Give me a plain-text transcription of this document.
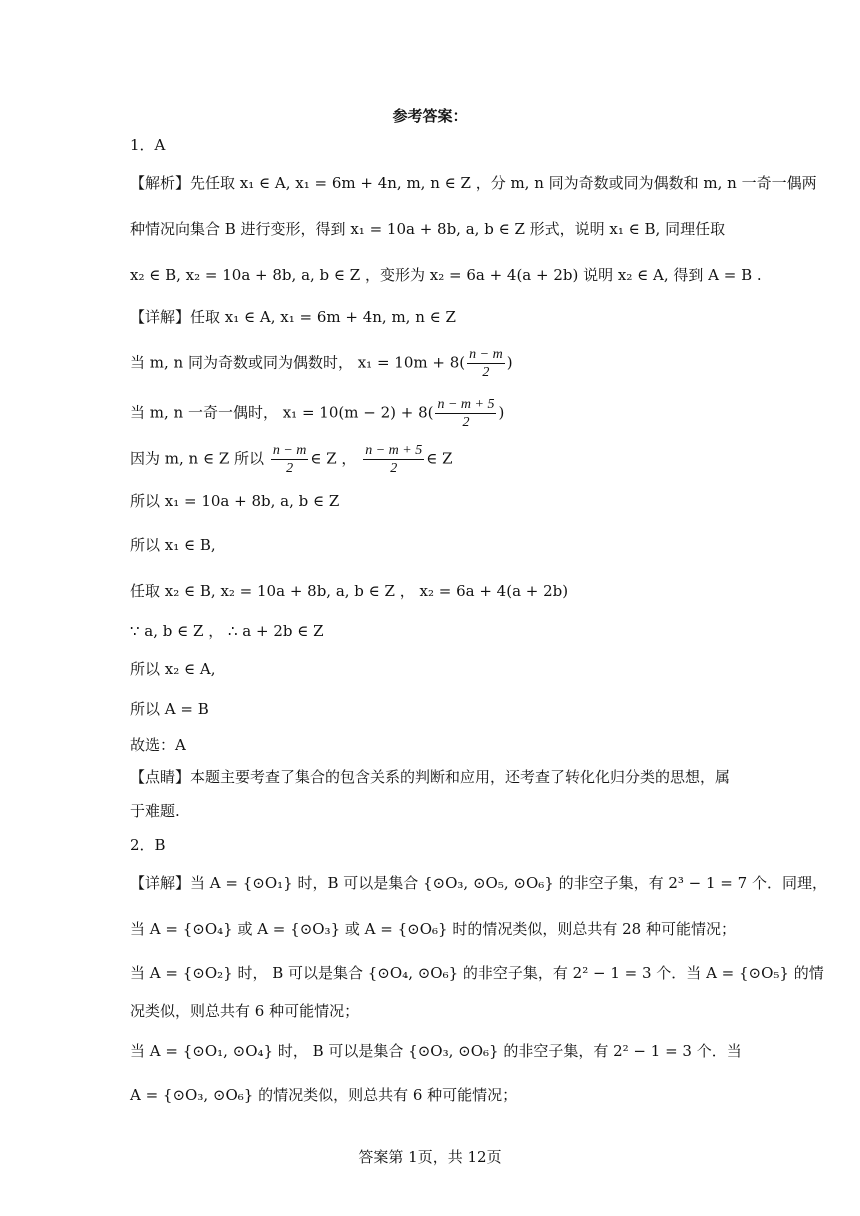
参考答案：
1．A
【解析】先任取 x₁ ∈ A, x₁ = 6m + 4n, m, n ∈ Z ，分 m, n 同为奇数或同为偶数和 m, n 一奇一偶两
种情况向集合 B 进行变形，得到 x₁ = 10a + 8b, a, b ∈ Z 形式，说明 x₁ ∈ B, 同理任取
x₂ ∈ B, x₂ = 10a + 8b, a, b ∈ Z ，变形为 x₂ = 6a + 4(a + 2b) 说明 x₂ ∈ A, 得到 A = B .
【详解】任取 x₁ ∈ A, x₁ = 6m + 4n, m, n ∈ Z
当 m, n 同为奇数或同为偶数时， $x_1 = 10m + 8( \frac{n - m}{2}$ )
当 m, n 一奇一偶时， $x_1 = 10(m - 2) + 8( \frac{n - m + 5}{2}$ )
因为 m, n ∈ Z 所以 $\frac{n - m}{2}$ ∈ Z ， $\frac{n - m + 5}{2}$ ∈ Z
所以 x₁ = 10a + 8b, a, b ∈ Z
所以 x₁ ∈ B,
任取 x₂ ∈ B, x₂ = 10a + 8b, a, b ∈ Z ， x₂ = 6a + 4(a + 2b)
∵ a, b ∈ Z ， ∴ a + 2b ∈ Z
所以 x₂ ∈ A,
所以 A = B
故选：A
【点睛】本题主要考查了集合的包含关系的判断和应用，还考查了转化化归分类的思想，属
于难题.
2．B
【详解】当 A = {⊙O₁} 时，B 可以是集合 {⊙O₃, ⊙O₅, ⊙O₆} 的非空子集，有 2³ − 1 = 7 个．同理，
当 A = {⊙O₄} 或 A = {⊙O₃} 或 A = {⊙O₆} 时的情况类似，则总共有 28 种可能情况；
当 A = {⊙O₂} 时， B 可以是集合 {⊙O₄, ⊙O₆} 的非空子集，有 2² − 1 = 3 个．当 A = {⊙O₅} 的情
况类似，则总共有 6 种可能情况；
当 A = {⊙O₁, ⊙O₄} 时， B 可以是集合 {⊙O₃, ⊙O₆} 的非空子集，有 2² − 1 = 3 个．当
A = {⊙O₃, ⊙O₆} 的情况类似，则总共有 6 种可能情况；
答案第 1页，共 12页
